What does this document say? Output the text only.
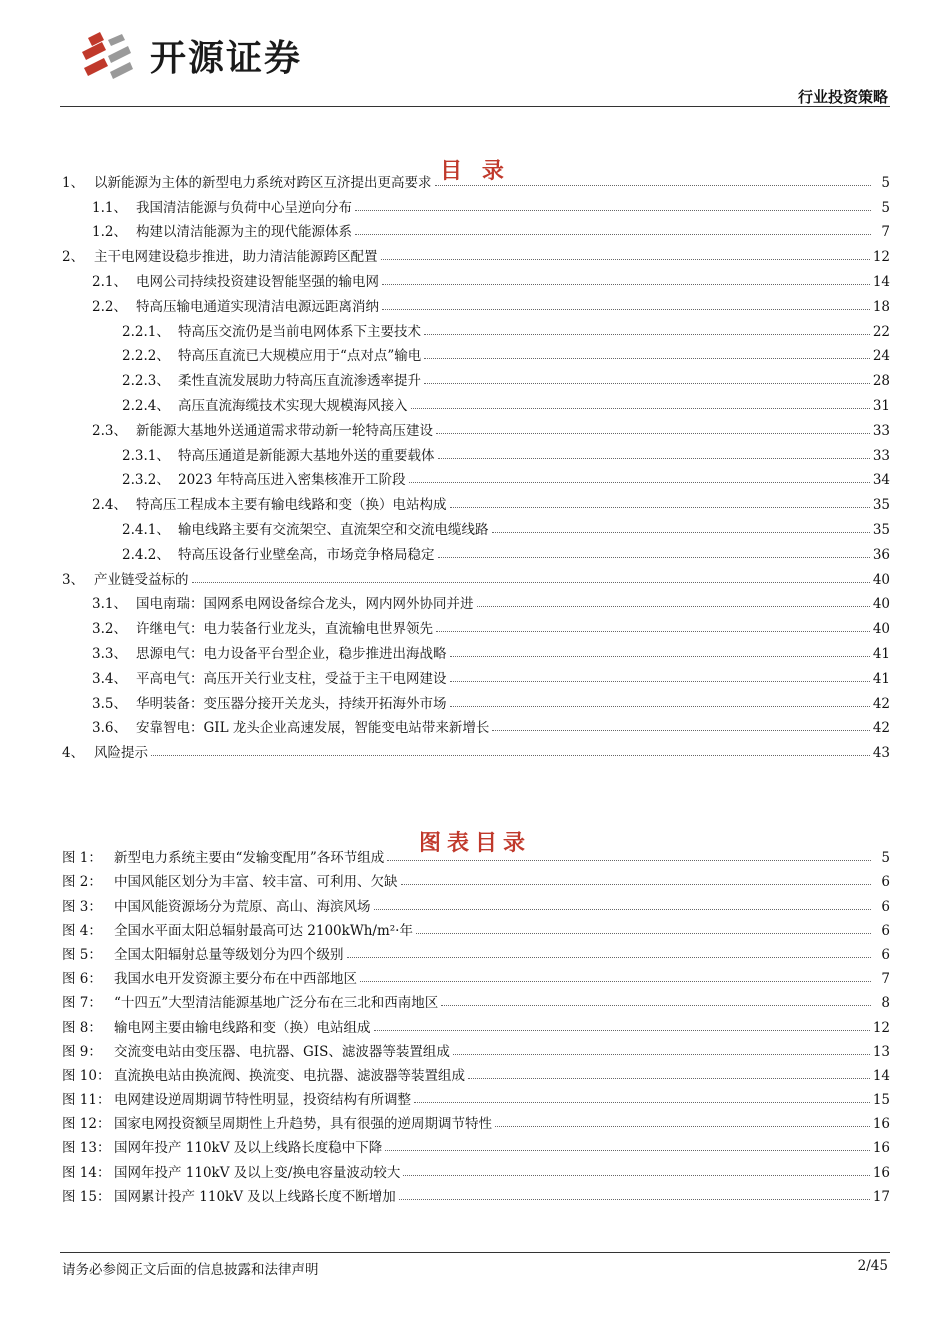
开源证券
行业投资策略
目 录
1、 以新能源为主体的新型电力系统对跨区互济提出更高要求	5
1.1、 我国清洁能源与负荷中心呈逆向分布	5
1.2、 构建以清洁能源为主的现代能源体系	7
2、 主干电网建设稳步推进，助力清洁能源跨区配置	12
2.1、 电网公司持续投资建设智能坚强的输电网	14
2.2、 特高压输电通道实现清洁电源远距离消纳	18
2.2.1、 特高压交流仍是当前电网体系下主要技术	22
2.2.2、 特高压直流已大规模应用于“点对点”输电	24
2.2.3、 柔性直流发展助力特高压直流渗透率提升	28
2.2.4、 高压直流海缆技术实现大规模海风接入	31
2.3、 新能源大基地外送通道需求带动新一轮特高压建设	33
2.3.1、 特高压通道是新能源大基地外送的重要载体	33
2.3.2、 2023 年特高压进入密集核准开工阶段	34
2.4、 特高压工程成本主要有输电线路和变（换）电站构成	35
2.4.1、 输电线路主要有交流架空、直流架空和交流电缆线路	35
2.4.2、 特高压设备行业壁垒高，市场竞争格局稳定	36
3、 产业链受益标的	40
3.1、 国电南瑞：国网系电网设备综合龙头，网内网外协同并进	40
3.2、 许继电气：电力装备行业龙头，直流输电世界领先	40
3.3、 思源电气：电力设备平台型企业，稳步推进出海战略	41
3.4、 平高电气：高压开关行业支柱，受益于主干电网建设	41
3.5、 华明装备：变压器分接开关龙头，持续开拓海外市场	42
3.6、 安靠智电：GIL 龙头企业高速发展，智能变电站带来新增长	42
4、 风险提示	43
图表目录
图 1： 新型电力系统主要由“发输变配用”各环节组成	5
图 2： 中国风能区划分为丰富、较丰富、可利用、欠缺	6
图 3： 中国风能资源场分为荒原、高山、海滨风场	6
图 4： 全国水平面太阳总辐射最高可达 2100kWh/m²·年	6
图 5： 全国太阳辐射总量等级划分为四个级别	6
图 6： 我国水电开发资源主要分布在中西部地区	7
图 7： “十四五”大型清洁能源基地广泛分布在三北和西南地区	8
图 8： 输电网主要由输电线路和变（换）电站组成	12
图 9： 交流变电站由变压器、电抗器、GIS、滤波器等装置组成	13
图 10： 直流换电站由换流阀、换流变、电抗器、滤波器等装置组成	14
图 11： 电网建设逆周期调节特性明显，投资结构有所调整	15
图 12： 国家电网投资额呈周期性上升趋势，具有很强的逆周期调节特性	16
图 13： 国网年投产 110kV 及以上线路长度稳中下降	16
图 14： 国网年投产 110kV 及以上变/换电容量波动较大	16
图 15： 国网累计投产 110kV 及以上线路长度不断增加	17
请务必参阅正文后面的信息披露和法律声明	2/45
